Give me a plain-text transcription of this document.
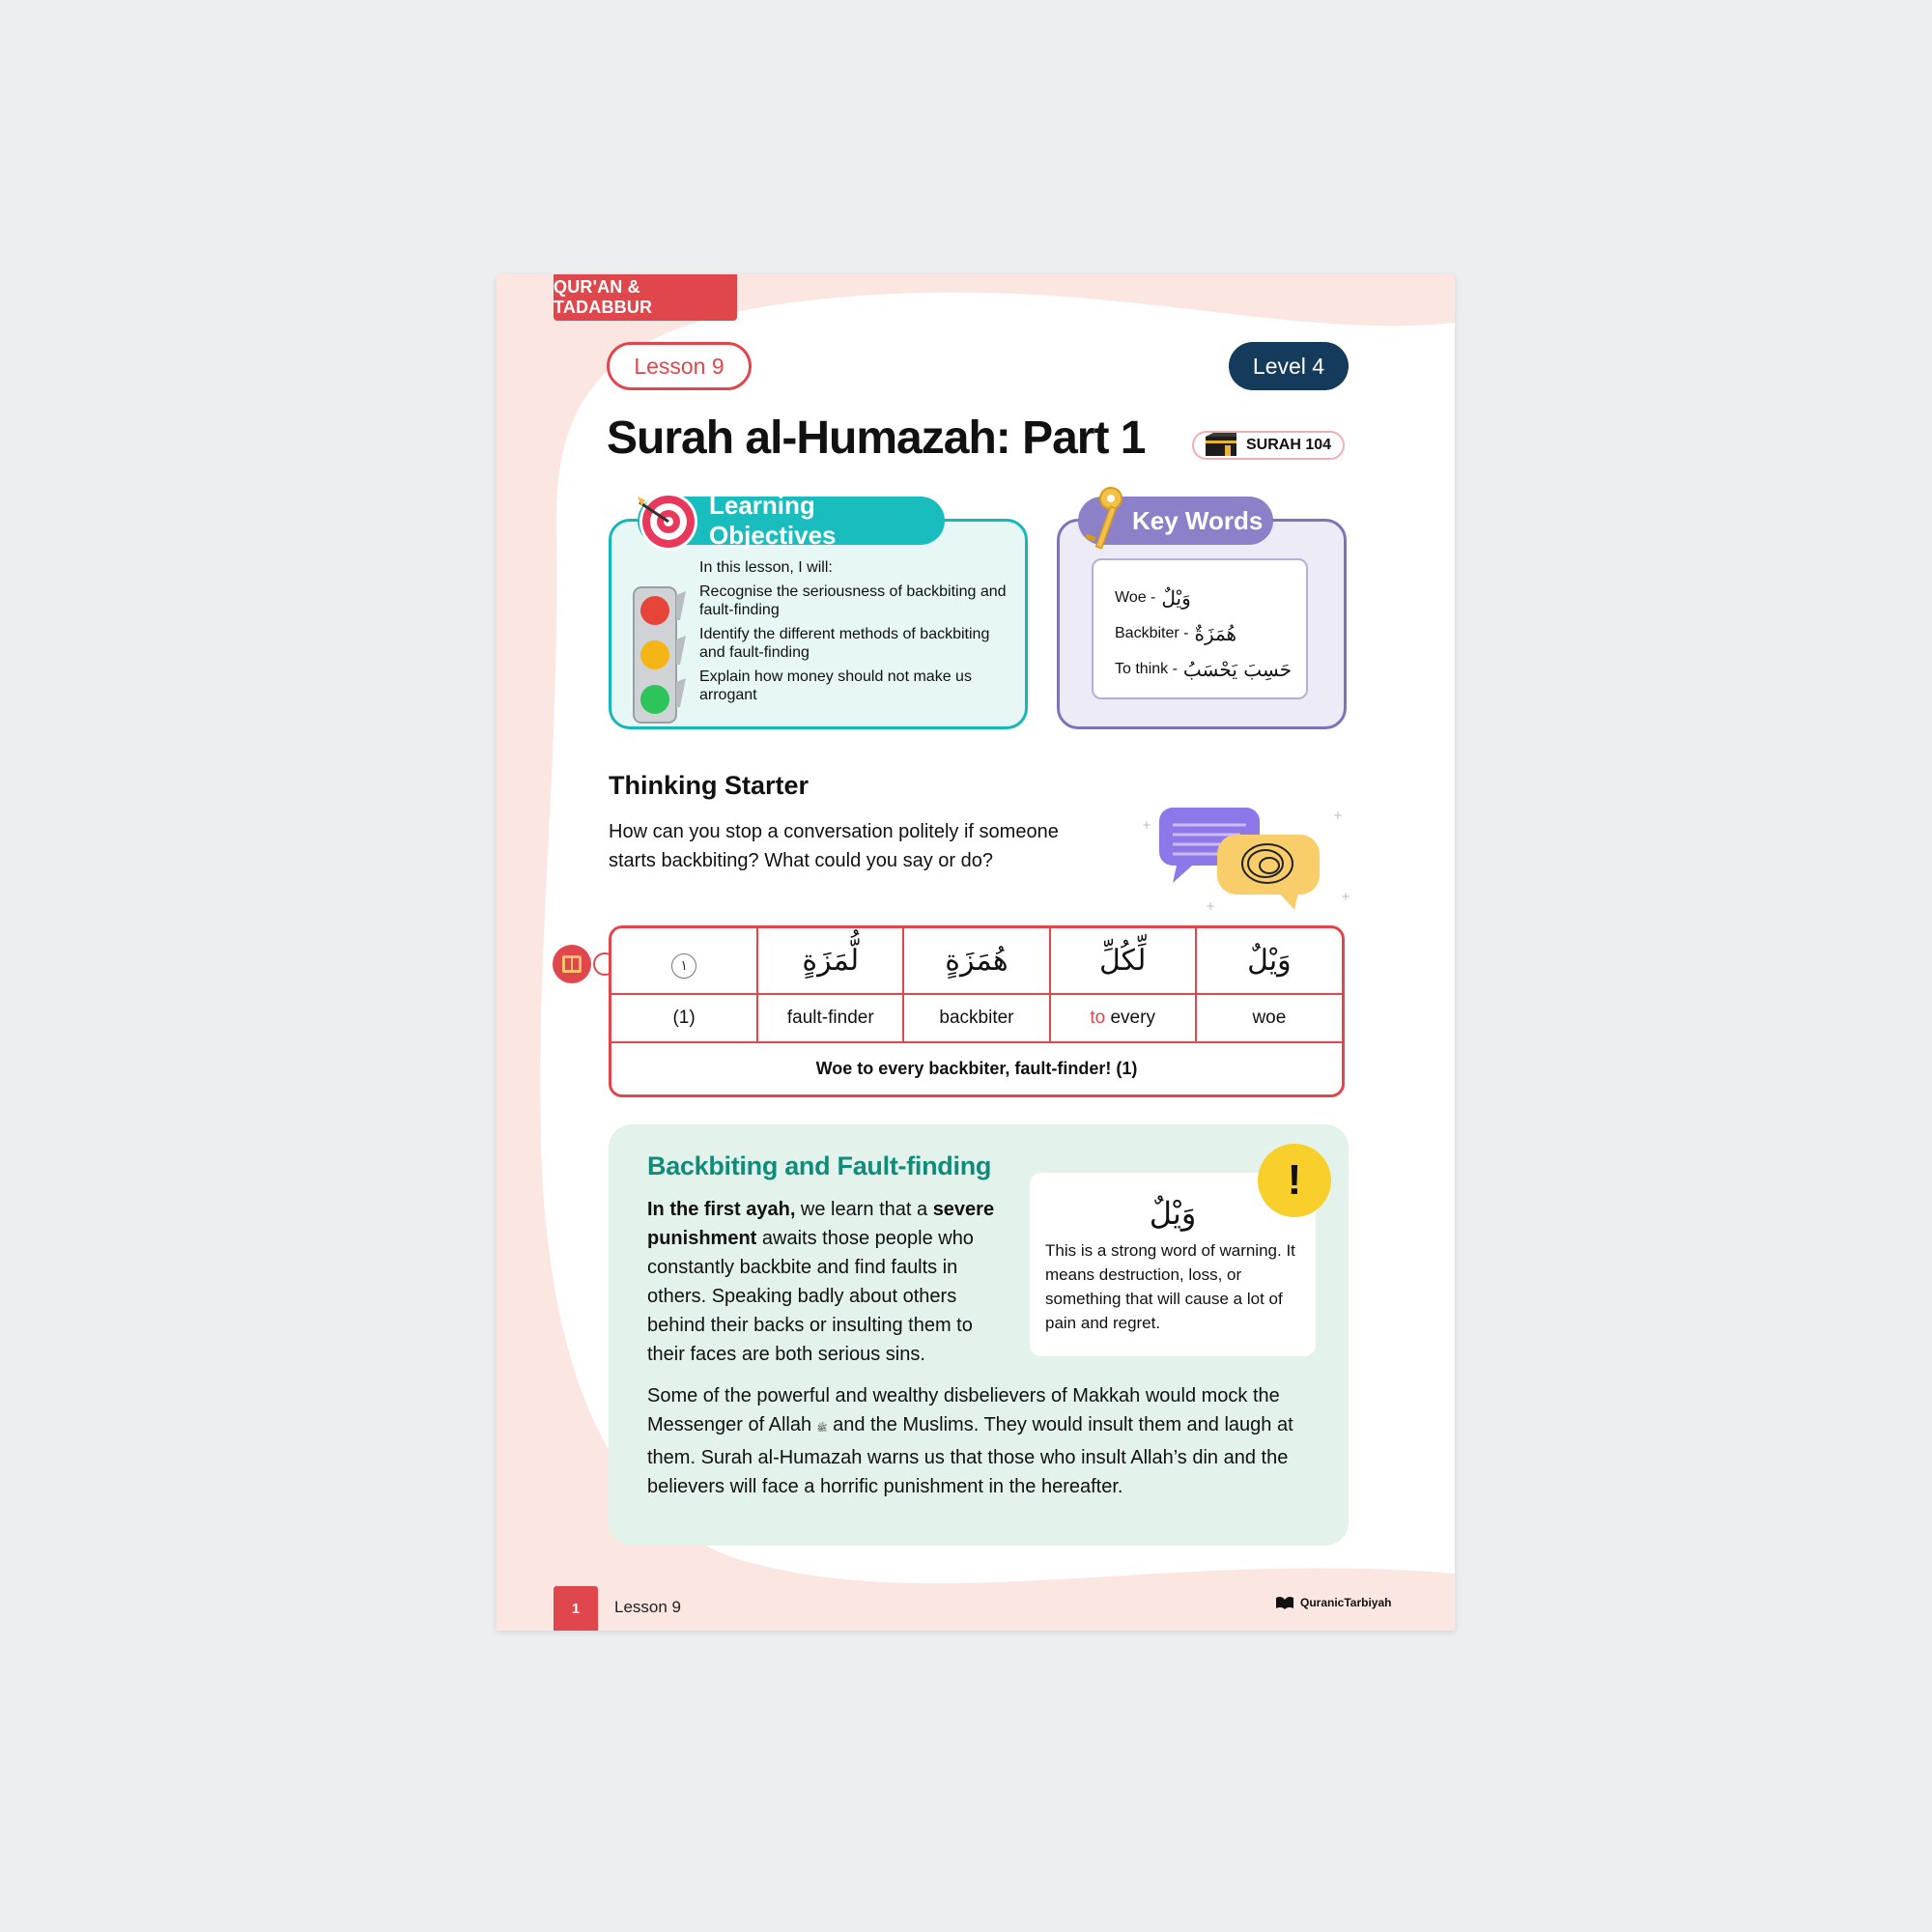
QUR'AN & TADABBUR
Lesson 9	Level 4
Surah al-Humazah: Part 1	SURAH 104
Learning Objectives

In this lesson, I will:

Recognise the seriousness of backbiting and fault-finding

Identify the different methods of backbiting and fault-finding

Explain how money should not make us arrogant

Key Words
Woe - وَيْلٌ
Backbiter - هُمَزَةٌ
To think - حَسِبَ يَحْسَبُ
Thinking Starter
How can you stop a conversation politely if someone starts backbiting? What could you say or do?
+
+
+
+
١	لُّمَزَةٍ	هُمَزَةٍ	لِّكُلِّ	وَيْلٌ
(1)	fault-finder	backbiter	to every	woe
Woe to every backbiter, fault-finder! (1)				
Backbiting and Fault-finding
In the first ayah, we learn that a severe punishment awaits those people who constantly backbite and find faults in others. Speaking badly about others behind their backs or insulting them to their faces are both serious sins.
Some of the powerful and wealthy disbelievers of Makkah would mock the Messenger of Allah ﷺ and the Muslims. They would insult them and laugh at them. Surah al-Humazah warns us that those who insult Allah’s din and the believers will face a horrific punishment in the hereafter.
وَيْلٌ
This is a strong word of warning. It means destruction, loss, or something that will cause a lot of pain and regret.
!
1	Lesson 9	QuranicTarbiyah
